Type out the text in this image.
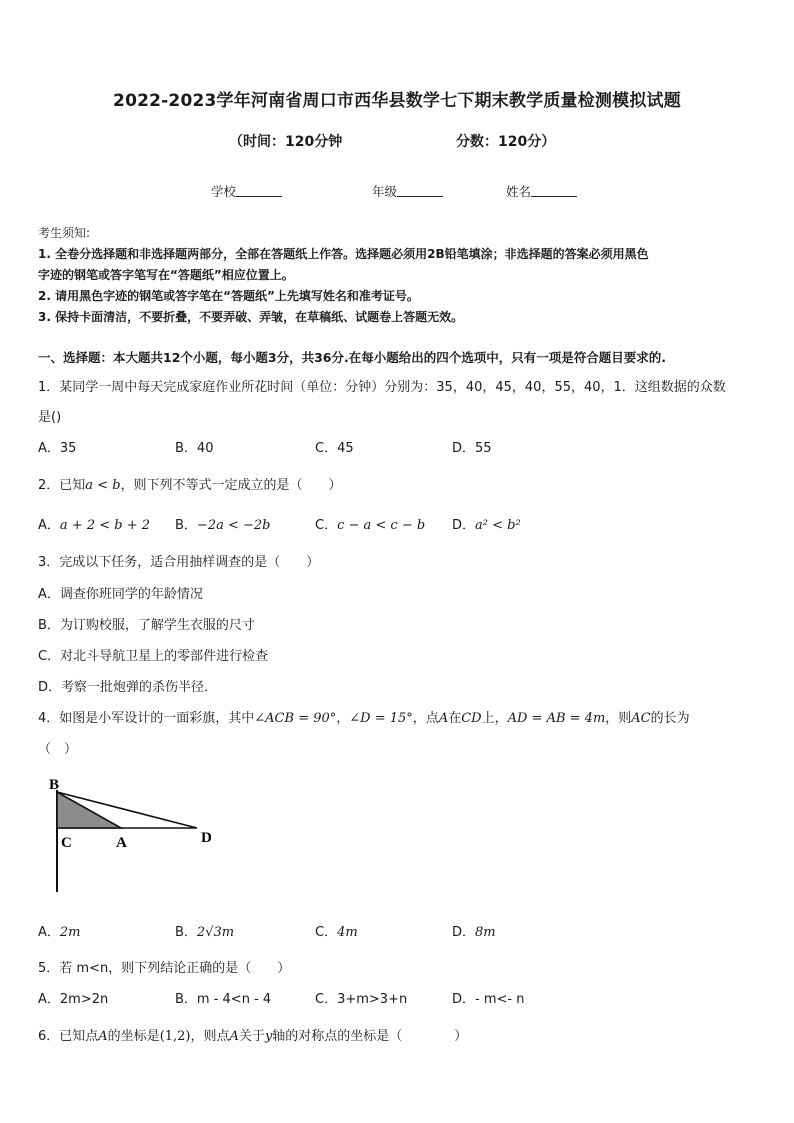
2022-2023学年河南省周口市西华县数学七下期末教学质量检测模拟试题
（时间：120分钟	分数：120分）
学校	年级	姓名
考生须知:
1. 全卷分选择题和非选择题两部分，全部在答题纸上作答。选择题必须用2B铅笔填涂；非选择题的答案必须用黑色
字迹的钢笔或答字笔写在“答题纸”相应位置上。
2. 请用黑色字迹的钢笔或答字笔在“答题纸”上先填写姓名和准考证号。
3. 保持卡面清洁，不要折叠，不要弄破、弄皱，在草稿纸、试题卷上答题无效。
一、选择题：本大题共12个小题，每小题3分，共36分.在每小题给出的四个选项中，只有一项是符合题目要求的.
1．某同学一周中每天完成家庭作业所花时间（单位：分钟）分别为：35，40，45，40，55，40，1．这组数据的众数
是()
A．35	B．40	C．45	D．55
2．已知a < b，则下列不等式一定成立的是（　　）
A．a + 2 < b + 2 B．−2a < −2b	C．c − a < c − b D．a² < b²
3．完成以下任务，适合用抽样调查的是（　　）
A．调查你班同学的年龄情况
B．为订购校服，了解学生衣服的尺寸
C．对北斗导航卫星上的零部件进行检查
D．考察一批炮弹的杀伤半径．
4．如图是小军设计的一面彩旗，其中∠ACB = 90°，∠D = 15°，点A在CD上，AD = AB = 4m，则AC的长为
（　）
B
C	A	D
A．2m	B．2√3m	C．4m	D．8m
5．若 m<n，则下列结论正确的是（　　）
A．2m>2n	B．m - 4<n - 4	C．3+m>3+n	D．- m<- n
6．已知点A的坐标是(1,2)，则点A关于y轴的对称点的坐标是（　　　　）
